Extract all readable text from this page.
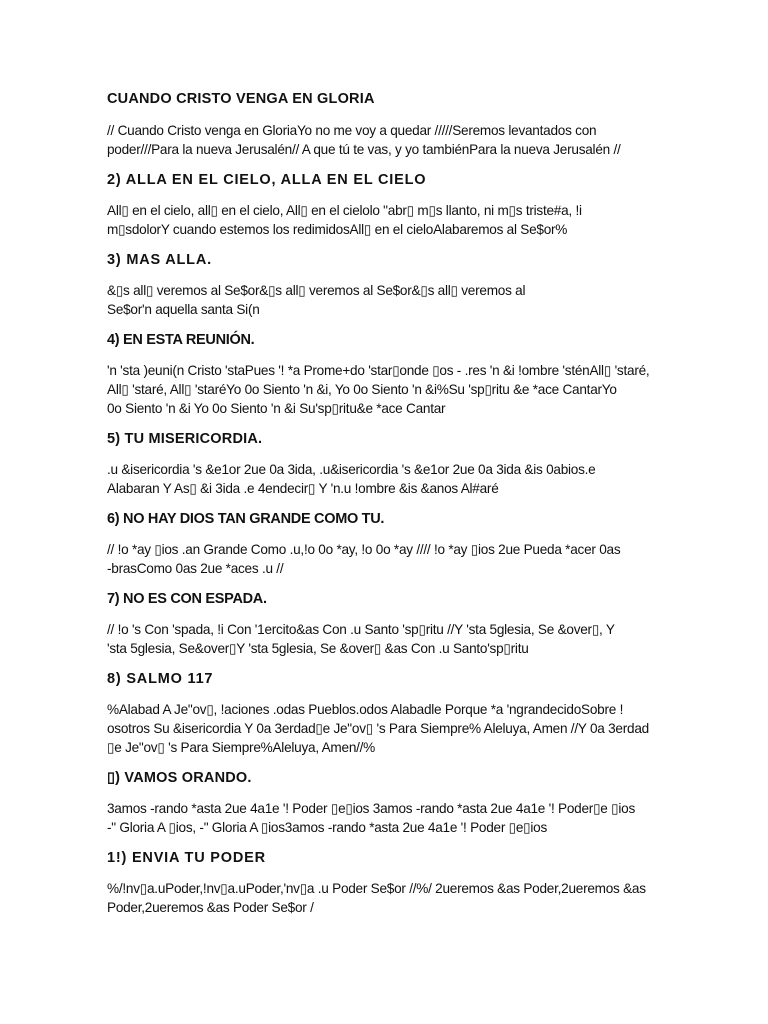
CUANDO CRISTO VENGA EN GLORIA

// Cuando Cristo venga en GloriaYo no me voy a quedar /////Seremos levantados con

poder///Para la nueva Jerusalén// A que tú te vas, y yo tambiénPara la nueva Jerusalén //

2) ALLA EN EL CIELO, ALLA EN EL CIELO

All▯ en el cielo, all▯ en el cielo, All▯ en el cielolo "abr▯ m▯s llanto, ni m▯s triste#a, !i

m▯sdolorY cuando estemos los redimidosAll▯ en el cieloAlabaremos al Se$or%

3) MAS ALLA.

&▯s all▯ veremos al Se$or&▯s all▯ veremos al Se$or&▯s all▯ veremos al

Se$or'n aquella santa Si(n

4) EN ESTA REUNIÓN.

'n 'sta )euni(n Cristo 'staPues '! *a Prome+do 'star▯onde ▯os - .res 'n &i !ombre 'sténAll▯ 'staré,

All▯ 'staré, All▯ 'staréYo 0o Siento 'n &i, Yo 0o Siento 'n &i%Su 'sp▯ritu &e *ace CantarYo

0o Siento 'n &i Yo 0o Siento 'n &i Su'sp▯ritu&e *ace Cantar

5) TU MISERICORDIA.

.u &isericordia 's &e1or 2ue 0a 3ida, .u&isericordia 's &e1or 2ue 0a 3ida &is 0abios.e

Alabaran Y As▯ &i 3ida .e 4endecir▯ Y 'n.u !ombre &is &anos Al#aré

6) NO HAY DIOS TAN GRANDE COMO TU.

// !o *ay ▯ios .an Grande Como .u,!o 0o *ay, !o 0o *ay //// !o *ay ▯ios 2ue Pueda *acer 0as

-brasComo 0as 2ue *aces .u //

7) NO ES CON ESPADA.

// !o 's Con 'spada, !i Con '1ercito&as Con .u Santo 'sp▯ritu //Y 'sta 5glesia, Se &over▯, Y

'sta 5glesia, Se&over▯Y 'sta 5glesia, Se &over▯ &as Con .u Santo'sp▯ritu

8) SALMO 117

%Alabad A Je"ov▯, !aciones .odas Pueblos.odos Alabadle Porque *a 'ngrandecidoSobre !

osotros Su &isericordia Y 0a 3erdad▯e Je"ov▯ 's Para Siempre% Aleluya, Amen //Y 0a 3erdad

▯e Je"ov▯ 's Para Siempre%Aleluya, Amen//%

▯) VAMOS ORANDO.

3amos -rando *asta 2ue 4a1e '! Poder ▯e▯ios 3amos -rando *asta 2ue 4a1e '! Poder▯e ▯ios

-" Gloria A ▯ios, -" Gloria A ▯ios3amos -rando *asta 2ue 4a1e '! Poder ▯e▯ios

1!) ENVIA TU PODER

%/!nv▯a.uPoder,!nv▯a.uPoder,'nv▯a .u Poder Se$or //%/ 2ueremos &as Poder,2ueremos &as

Poder,2ueremos &as Poder Se$or /
